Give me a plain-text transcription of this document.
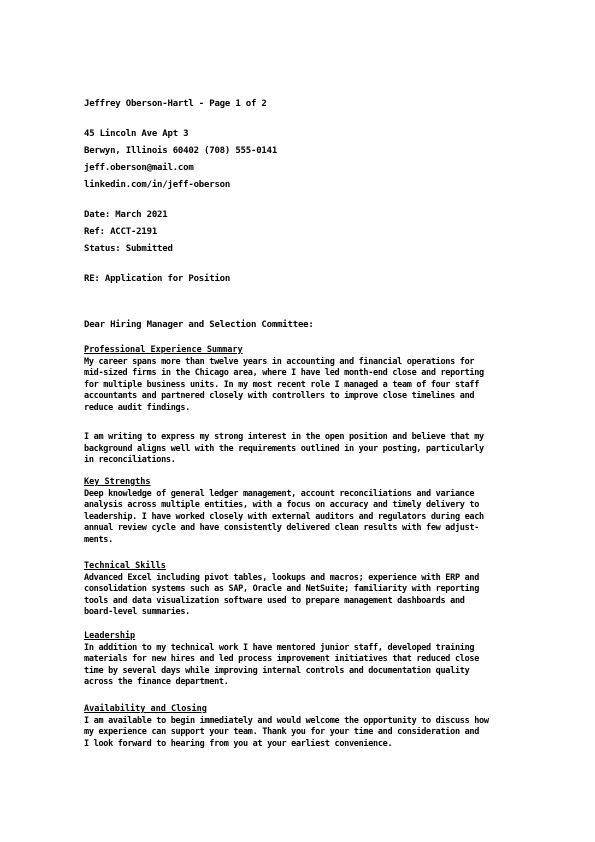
Jeffrey Oberson-Hartl - Page 1 of 2
45 Lincoln Ave Apt 3
Berwyn, Illinois 60402 (708) 555-0141
jeff.oberson@mail.com
linkedin.com/in/jeff-oberson
Date: March 2021
Ref: ACCT-2191
Status: Submitted
RE: Application for Position
Dear Hiring Manager and Selection Committee:
Professional Experience Summary
My career spans more than twelve years in accounting and financial operations for
mid-sized firms in the Chicago area, where I have led month-end close and reporting
for multiple business units. In my most recent role I managed a team of four staff
accountants and partnered closely with controllers to improve close timelines and
reduce audit findings.
I am writing to express my strong interest in the open position and believe that my
background aligns well with the requirements outlined in your posting, particularly
in reconciliations.
Key Strengths
Deep knowledge of general ledger management, account reconciliations and variance
analysis across multiple entities, with a focus on accuracy and timely delivery to
leadership. I have worked closely with external auditors and regulators during each
annual review cycle and have consistently delivered clean results with few adjust-
ments.
Technical Skills
Advanced Excel including pivot tables, lookups and macros; experience with ERP and
consolidation systems such as SAP, Oracle and NetSuite; familiarity with reporting
tools and data visualization software used to prepare management dashboards and
board-level summaries.
Leadership
In addition to my technical work I have mentored junior staff, developed training
materials for new hires and led process improvement initiatives that reduced close
time by several days while improving internal controls and documentation quality
across the finance department.
Availability and Closing
I am available to begin immediately and would welcome the opportunity to discuss how
my experience can support your team. Thank you for your time and consideration and
I look forward to hearing from you at your earliest convenience.
